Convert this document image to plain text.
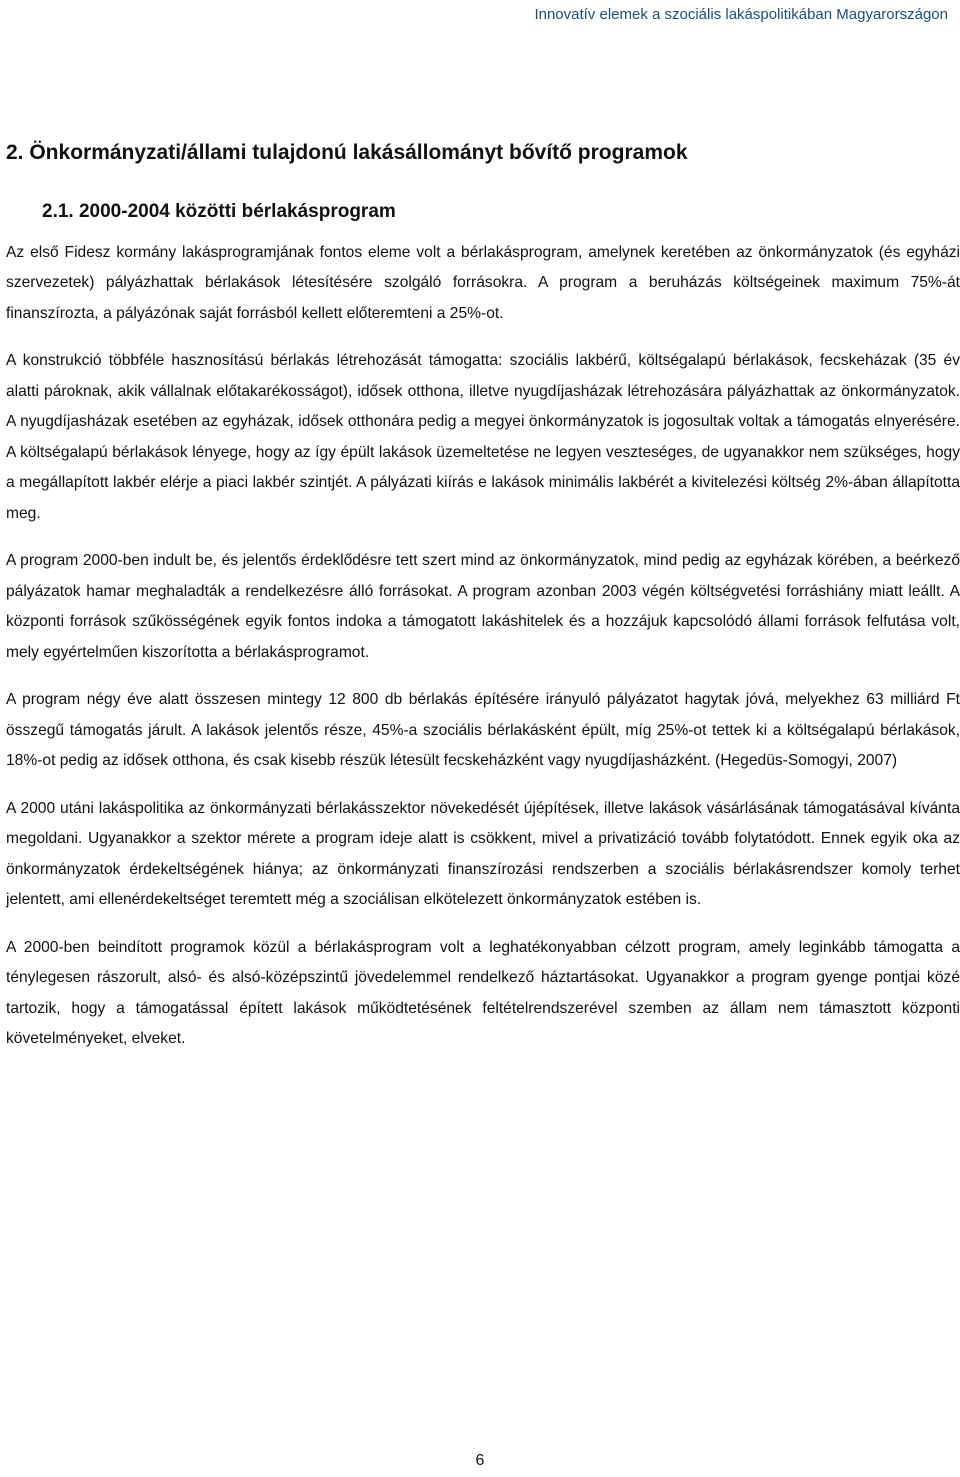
Innovatív elemek a szociális lakáspolitikában Magyarországon
2. Önkormányzati/állami tulajdonú lakásállományt bővítő programok
2.1. 2000-2004 közötti bérlakásprogram

Az első Fidesz kormány lakásprogramjának fontos eleme volt a bérlakásprogram, amelynek keretében az önkormányzatok (és egyházi szervezetek) pályázhattak bérlakások létesítésére szolgáló forrásokra. A program a beruházás költségeinek maximum 75%-át finanszírozta, a pályázónak saját forrásból kellett előteremteni a 25%-ot.

A konstrukció többféle hasznosítású bérlakás létrehozását támogatta: szociális lakbérű, költségalapú bérlakások, fecskeházak (35 év alatti pároknak, akik vállalnak előtakarékosságot), idősek otthona, illetve nyugdíjasházak létrehozására pályázhattak az önkormányzatok. A nyugdíjasházak esetében az egyházak, idősek otthonára pedig a megyei önkormányzatok is jogosultak voltak a támogatás elnyerésére. A költségalapú bérlakások lényege, hogy az így épült lakások üzemeltetése ne legyen veszteséges, de ugyanakkor nem szükséges, hogy a megállapított lakbér elérje a piaci lakbér szintjét. A pályázati kiírás e lakások minimális lakbérét a kivitelezési költség 2%-ában állapította meg.

A program 2000-ben indult be, és jelentős érdeklődésre tett szert mind az önkormányzatok, mind pedig az egyházak körében, a beérkező pályázatok hamar meghaladták a rendelkezésre álló forrásokat. A program azonban 2003 végén költségvetési forráshiány miatt leállt. A központi források szűkösségének egyik fontos indoka a támogatott lakáshitelek és a hozzájuk kapcsolódó állami források felfutása volt, mely egyértelműen kiszorította a bérlakásprogramot.

A program négy éve alatt összesen mintegy 12 800 db bérlakás építésére irányuló pályázatot hagytak jóvá, melyekhez 63 milliárd Ft összegű támogatás járult. A lakások jelentős része, 45%-a szociális bérlakásként épült, míg 25%-ot tettek ki a költségalapú bérlakások, 18%-ot pedig az idősek otthona, és csak kisebb részük létesült fecskeházként vagy nyugdíjasházként. (Hegedüs-Somogyi, 2007)

A 2000 utáni lakáspolitika az önkormányzati bérlakásszektor növekedését újépítések, illetve lakások vásárlásának támogatásával kívánta megoldani. Ugyanakkor a szektor mérete a program ideje alatt is csökkent, mivel a privatizáció tovább folytatódott. Ennek egyik oka az önkormányzatok érdekeltségének hiánya; az önkormányzati finanszírozási rendszerben a szociális bérlakásrendszer komoly terhet jelentett, ami ellenérdekeltséget teremtett még a szociálisan elkötelezett önkormányzatok estében is.

A 2000-ben beindított programok közül a bérlakásprogram volt a leghatékonyabban célzott program, amely leginkább támogatta a ténylegesen rászorult, alsó- és alsó-középszintű jövedelemmel rendelkező háztartásokat. Ugyanakkor a program gyenge pontjai közé tartozik, hogy a támogatással épített lakások működtetésének feltételrendszerével szemben az állam nem támasztott központi követelményeket, elveket.

6
